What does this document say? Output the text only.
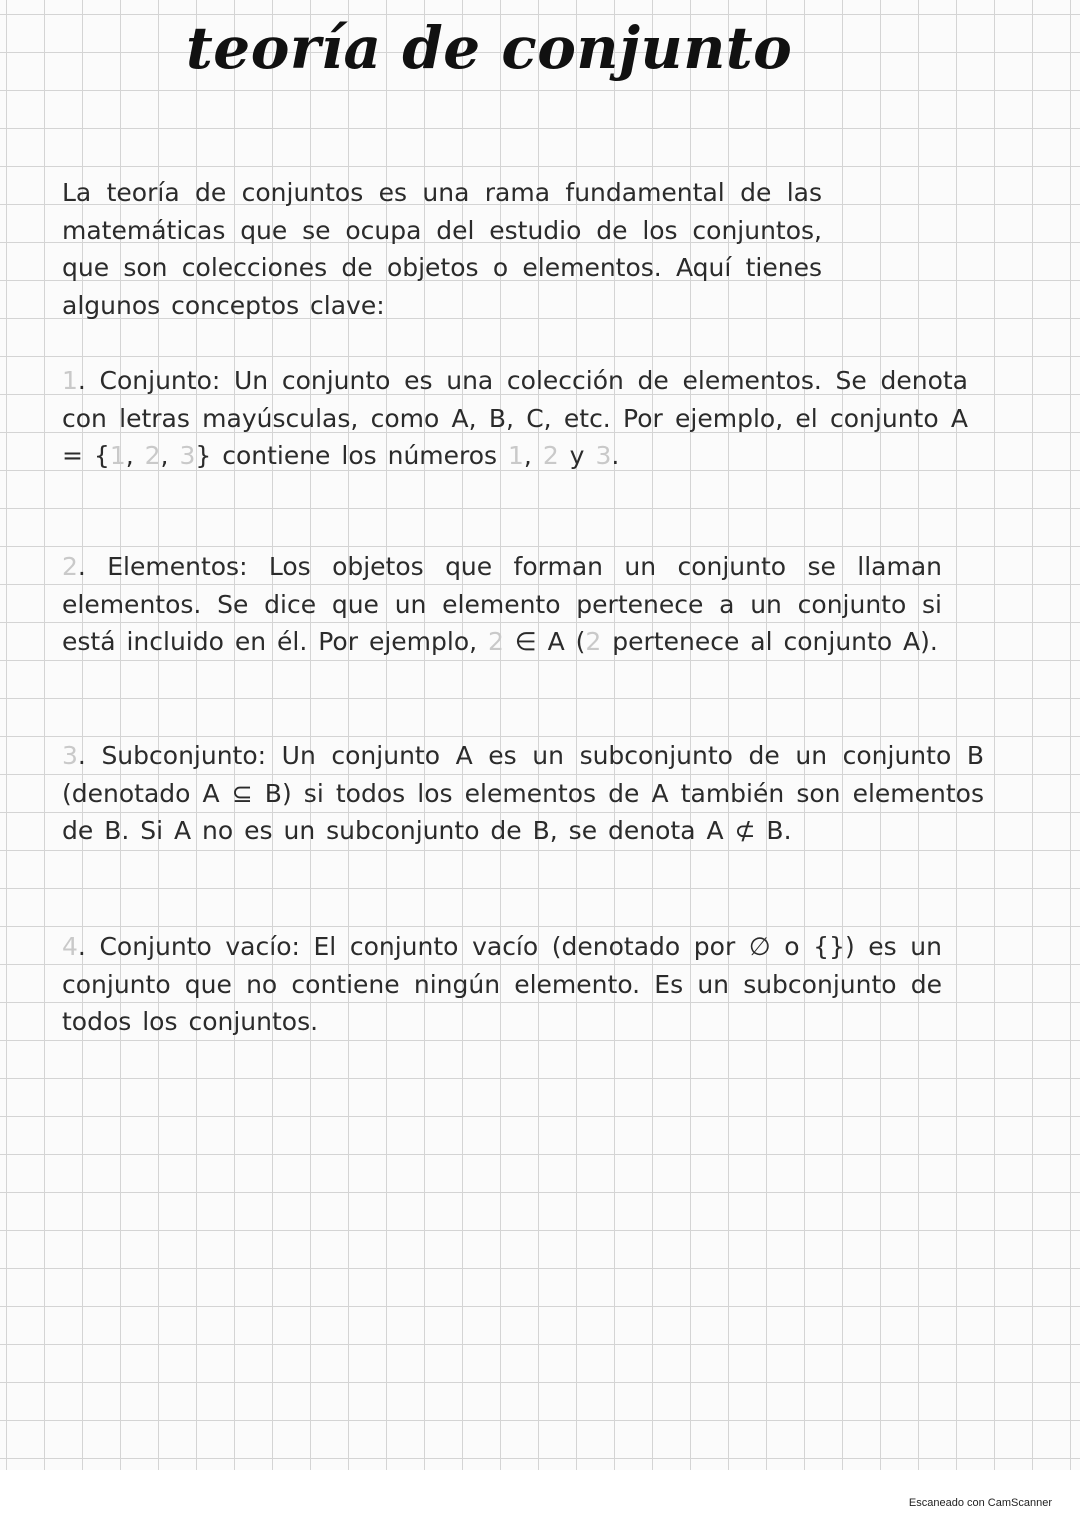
teoría de conjunto

La teoría de conjuntos es una rama fundamental de las matemáticas que se ocupa del estudio de los conjuntos, que son colecciones de objetos o elementos. Aquí tienes algunos conceptos clave:

1. Conjunto: Un conjunto es una colección de elementos. Se denota con letras mayúsculas, como A, B, C, etc. Por ejemplo, el conjunto A = {1, 2, 3} contiene los números 1, 2 y 3.

2. Elementos: Los objetos que forman un conjunto se llaman elementos. Se dice que un elemento pertenece a un conjunto si está incluido en él. Por ejemplo, 2 ∈ A (2 pertenece al conjunto A).

3. Subconjunto: Un conjunto A es un subconjunto de un conjunto B (denotado A ⊆ B) si todos los elementos de A también son elementos de B. Si A no es un subconjunto de B, se denota A ⊄ B.

4. Conjunto vacío: El conjunto vacío (denotado por ∅ o {}) es un conjunto que no contiene ningún elemento. Es un subconjunto de todos los conjuntos.

Escaneado con CamScanner
